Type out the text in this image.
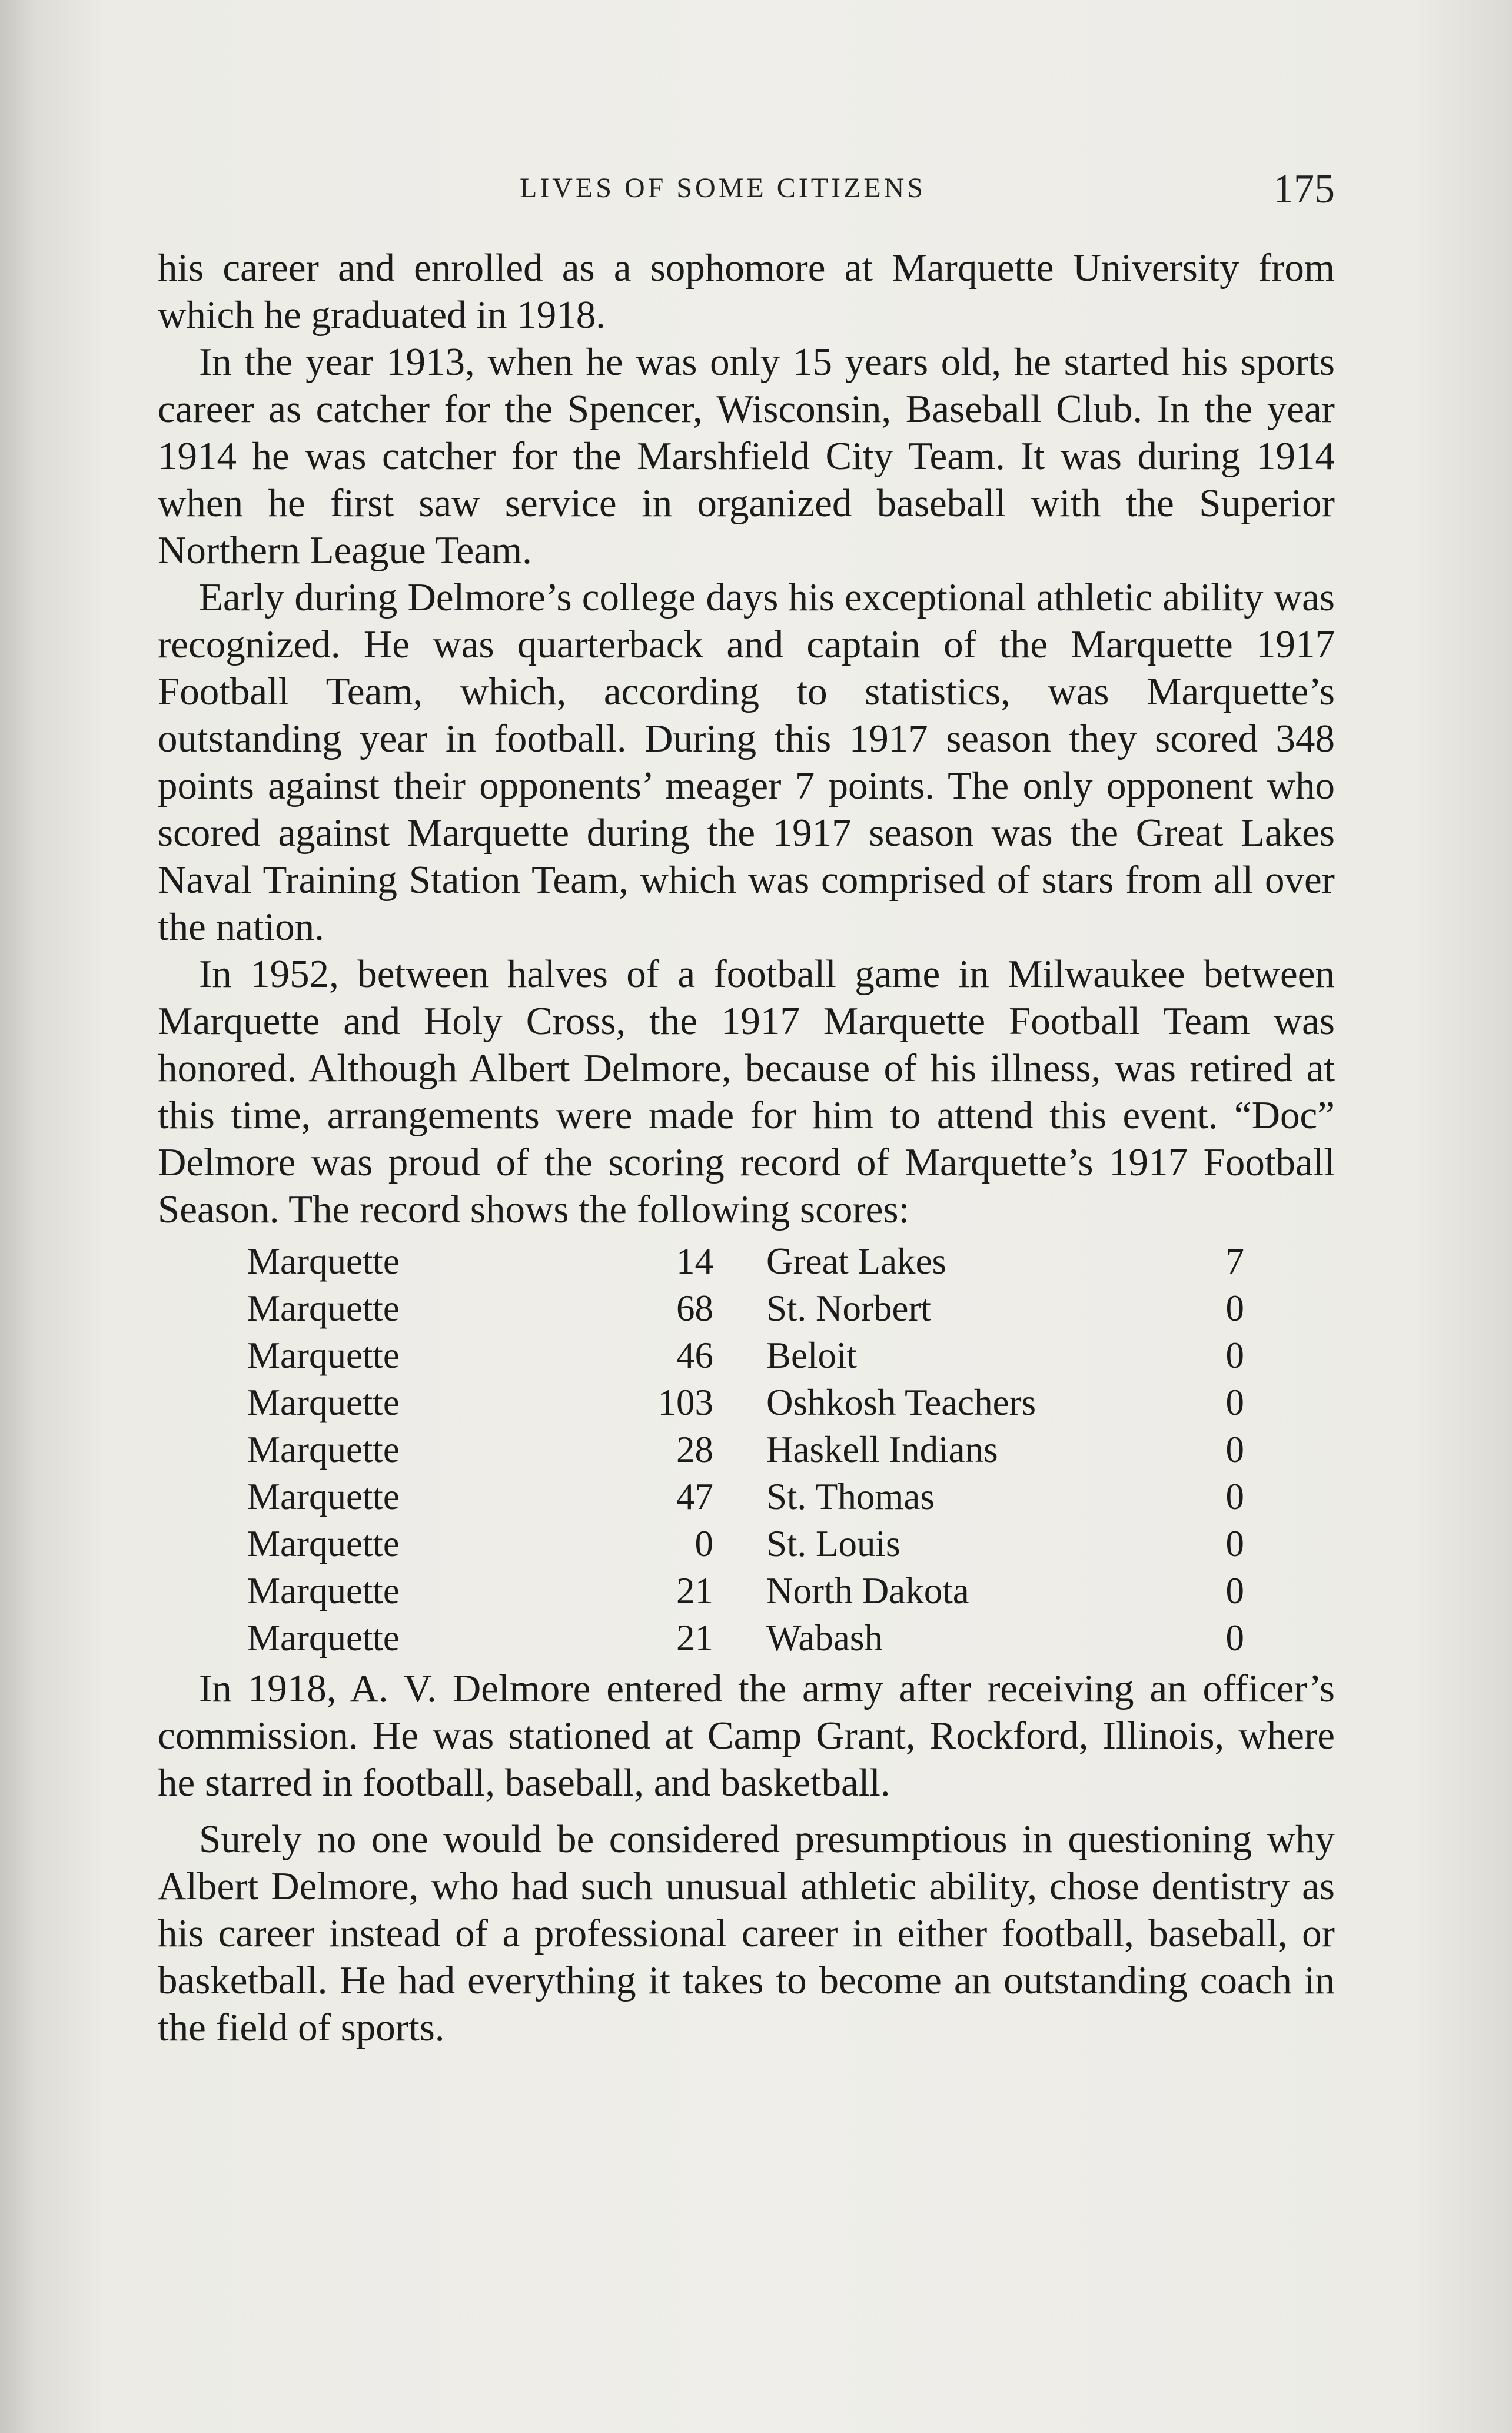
LIVES OF SOME CITIZENS	175

his career and enrolled as a sophomore at Marquette University from which he graduated in 1918.

In the year 1913, when he was only 15 years old, he started his sports career as catcher for the Spencer, Wisconsin, Baseball Club. In the year 1914 he was catcher for the Marshfield City Team. It was during 1914 when he first saw service in organized baseball with the Superior Northern League Team.

Early during Delmore’s college days his exceptional athletic ability was recognized. He was quarterback and captain of the Marquette 1917 Football Team, which, according to statistics, was Marquette’s outstanding year in football. During this 1917 season they scored 348 points against their opponents’ meager 7 points. The only opponent who scored against Marquette during the 1917 season was the Great Lakes Naval Training Station Team, which was comprised of stars from all over the nation.

In 1952, between halves of a football game in Milwaukee between Marquette and Holy Cross, the 1917 Marquette Football Team was honored. Although Albert Delmore, because of his illness, was retired at this time, arrangements were made for him to attend this event. “Doc” Delmore was proud of the scoring record of Marquette’s 1917 Football Season. The record shows the following scores:

Marquette	14	Great Lakes	7
Marquette	68	St. Norbert	0
Marquette	46	Beloit	0
Marquette	103	Oshkosh Teachers	0
Marquette	28	Haskell Indians	0
Marquette	47	St. Thomas	0
Marquette	0	St. Louis	0
Marquette	21	North Dakota	0
Marquette	21	Wabash	0

In 1918, A. V. Delmore entered the army after receiving an officer’s commission. He was stationed at Camp Grant, Rockford, Illinois, where he starred in football, baseball, and basketball.

Surely no one would be considered presumptious in questioning why Albert Delmore, who had such unusual athletic ability, chose dentistry as his career instead of a professional career in either football, baseball, or basketball. He had everything it takes to become an outstanding coach in the field of sports.
